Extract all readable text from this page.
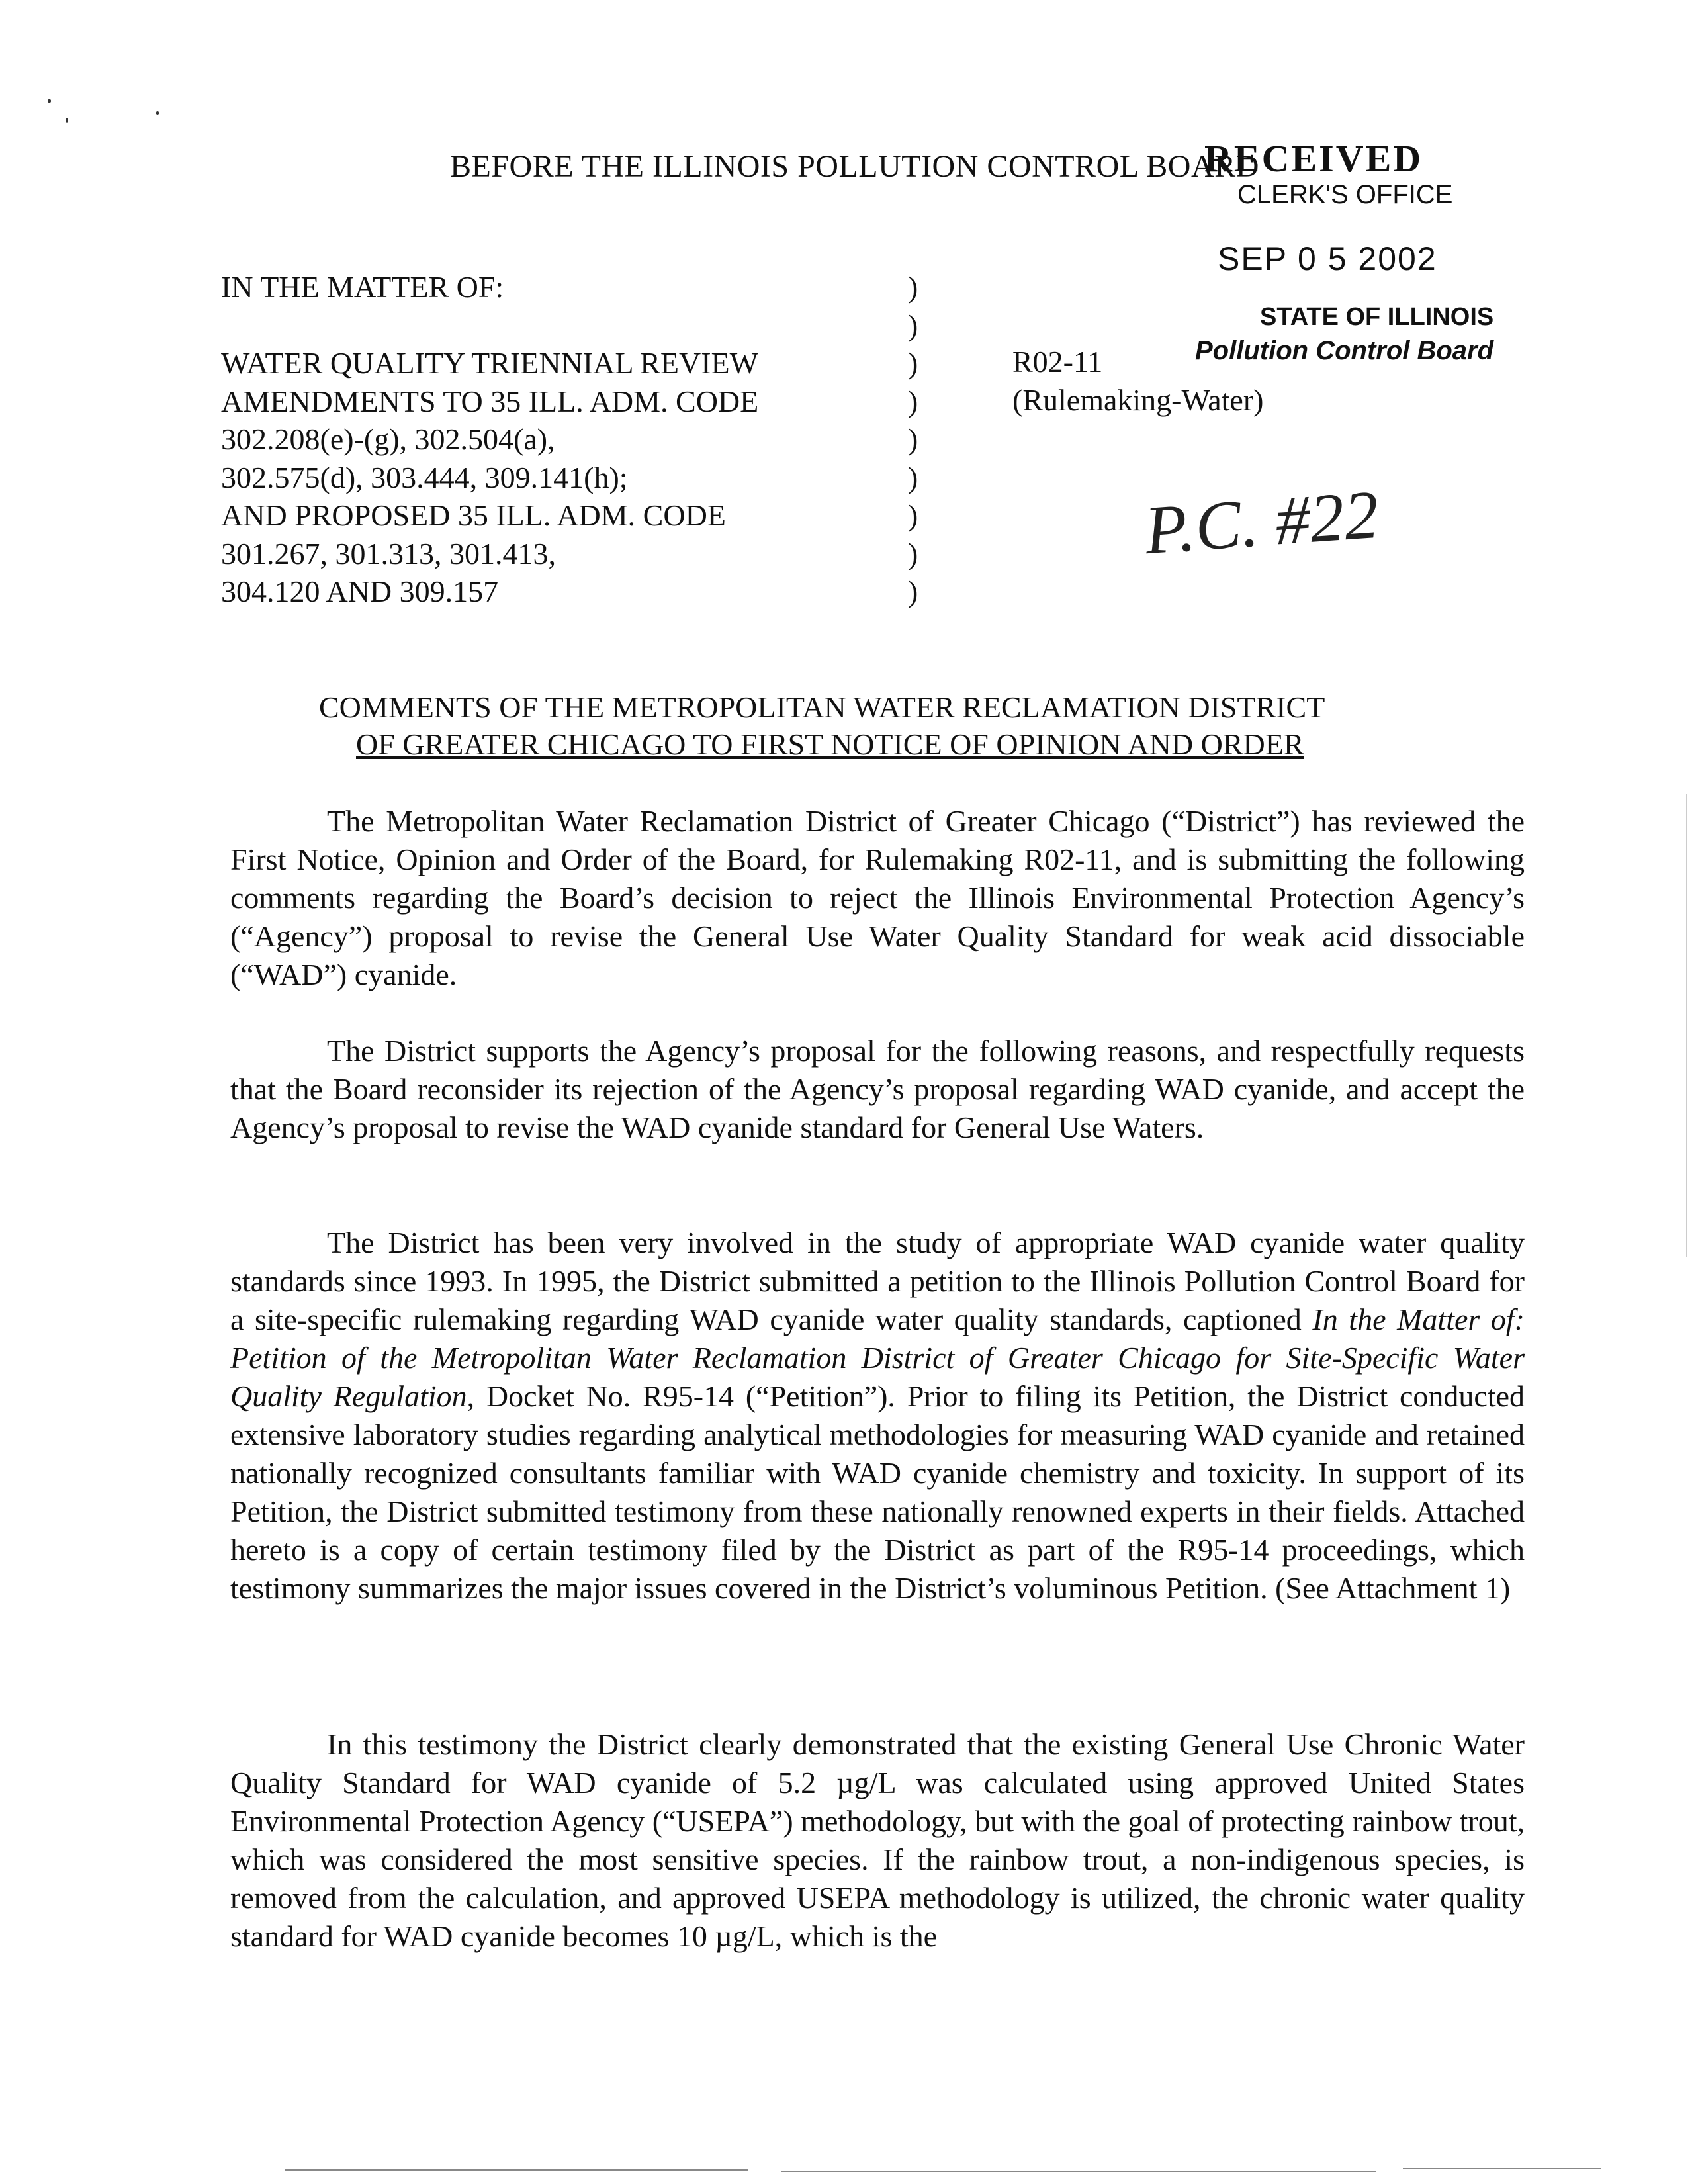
BEFORE THE ILLINOIS POLLUTION CONTROL BOARD
RECEIVED
CLERK'S OFFICE
SEP 0 5 2002
STATE OF ILLINOIS
Pollution Control Board
IN THE MATTER OF:
WATER QUALITY TRIENNIAL REVIEW
AMENDMENTS TO 35 ILL. ADM. CODE
302.208(e)-(g), 302.504(a),
302.575(d), 303.444, 309.141(h);
AND PROPOSED 35 ILL. ADM. CODE
301.267, 301.313, 301.413,
304.120 AND 309.157
)
)
)
)
)
)
)
)
)
R02-11
(Rulemaking-Water)
P.C. #22
COMMENTS OF THE METROPOLITAN WATER RECLAMATION DISTRICT
OF GREATER CHICAGO TO FIRST NOTICE OF OPINION AND ORDER

The Metropolitan Water Reclamation District of Greater Chicago (“District”) has reviewed the First Notice, Opinion and Order of the Board, for Rulemaking R02-11, and is submitting the following comments regarding the Board’s decision to reject the Illinois Environmental Protection Agency’s (“Agency”) proposal to revise the General Use Water Quality Standard for weak acid dissociable (“WAD”) cyanide.

The District supports the Agency’s proposal for the following reasons, and respectfully requests that the Board reconsider its rejection of the Agency’s proposal regarding WAD cyanide, and accept the Agency’s proposal to revise the WAD cyanide standard for General Use Waters.

The District has been very involved in the study of appropriate WAD cyanide water quality standards since 1993. In 1995, the District submitted a petition to the Illinois Pollution Control Board for a site-specific rulemaking regarding WAD cyanide water quality standards, captioned In the Matter of: Petition of the Metropolitan Water Reclamation District of Greater Chicago for Site-Specific Water Quality Regulation, Docket No. R95-14 (“Petition”). Prior to filing its Petition, the District conducted extensive laboratory studies regarding analytical methodologies for measuring WAD cyanide and retained nationally recognized consultants familiar with WAD cyanide chemistry and toxicity. In support of its Petition, the District submitted testimony from these nationally renowned experts in their fields. Attached hereto is a copy of certain testimony filed by the District as part of the R95-14 proceedings, which testimony summarizes the major issues covered in the District’s voluminous Petition. (See Attachment 1)

In this testimony the District clearly demonstrated that the existing General Use Chronic Water Quality Standard for WAD cyanide of 5.2 µg/L was calculated using approved United States Environmental Protection Agency (“USEPA”) methodology, but with the goal of protecting rainbow trout, which was considered the most sensitive species. If the rainbow trout, a non-indigenous species, is removed from the calculation, and approved USEPA methodology is utilized, the chronic water quality standard for WAD cyanide becomes 10 µg/L, which is the
